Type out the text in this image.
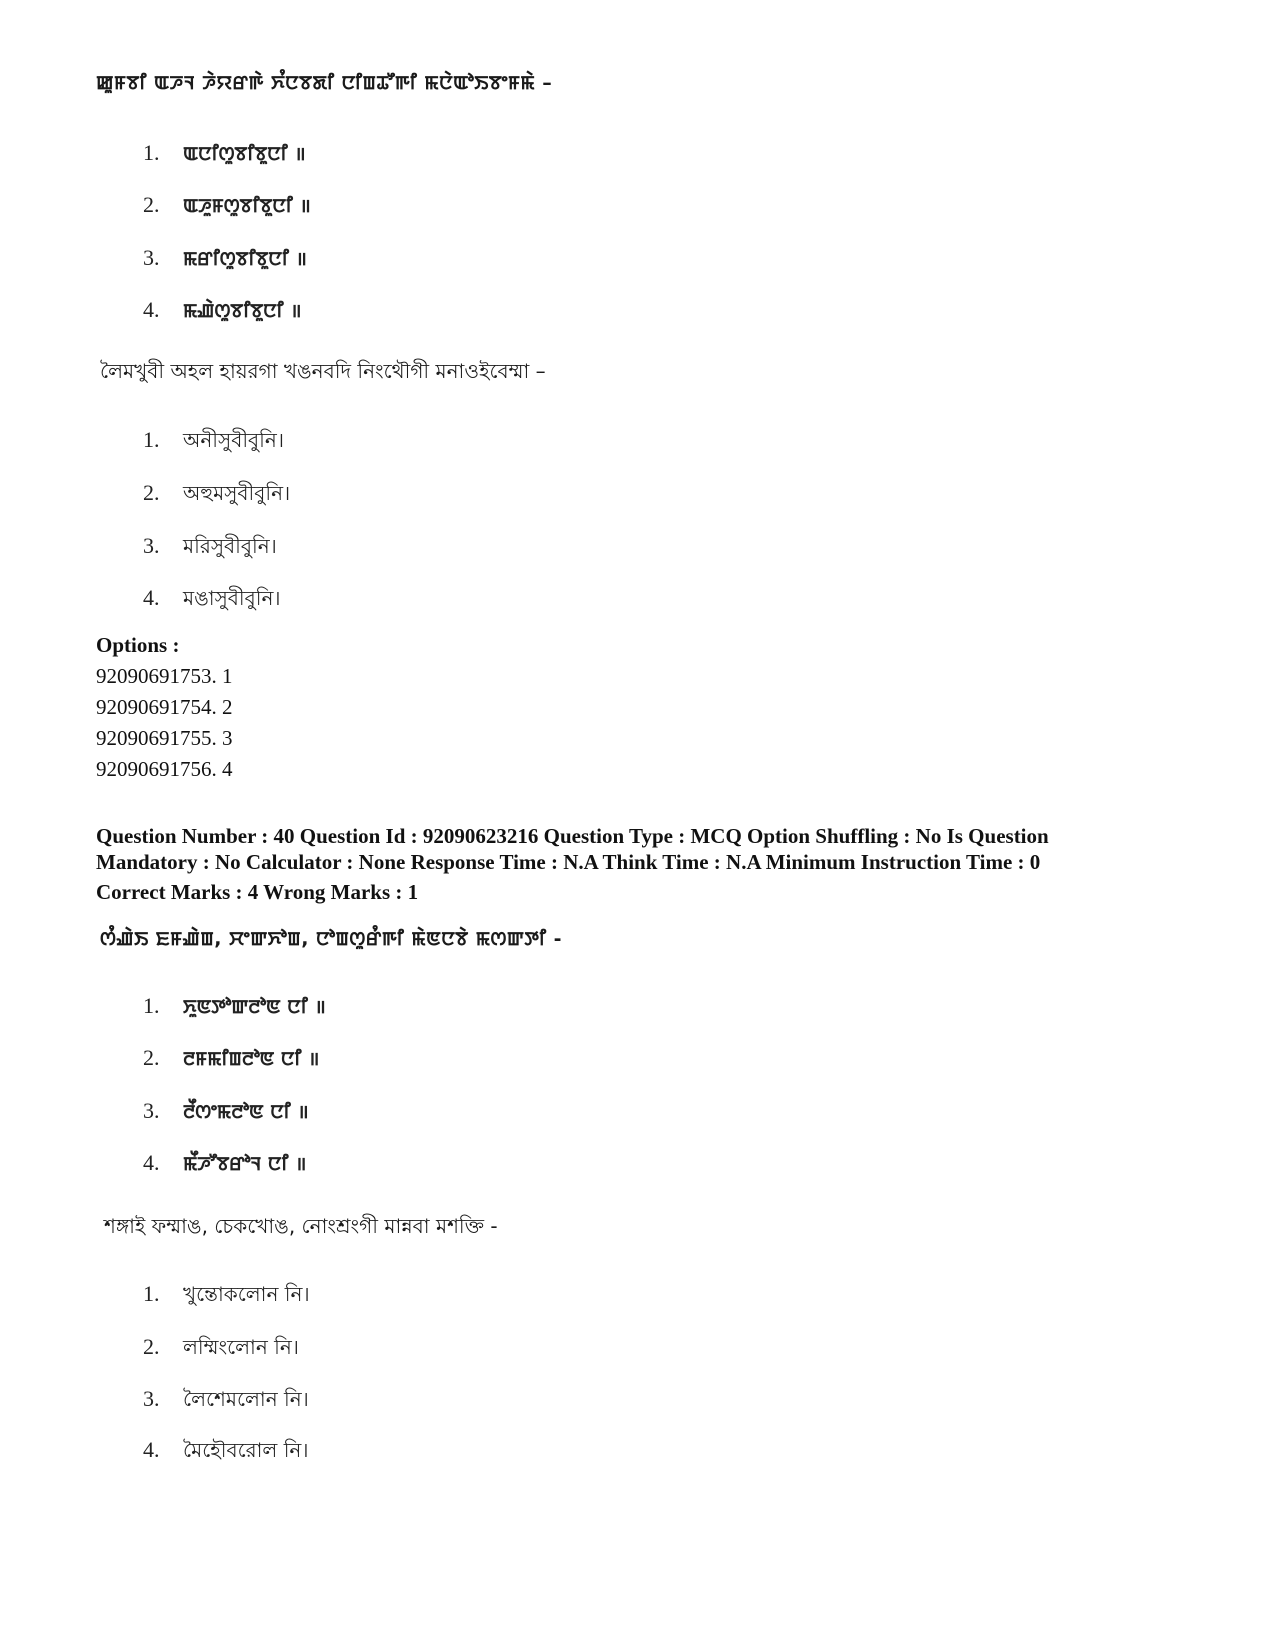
ꯀꯨꯝꯕꯤ ꯑꯍꯜ ꯍꯥꯌꯔꯒꯥ ꯈꯪꯅꯕꯗꯤ ꯅꯤꯡꯊꯧꯒꯤ ꯃꯅꯥꯑꯣꯏꯕꯦꯝꯃꯥ –
1.	ꯑꯅꯤꯁꯨꯕꯤꯕꯨꯅꯤ ॥
2.	ꯑꯍꯨꯝꯁꯨꯕꯤꯕꯨꯅꯤ ॥
3.	ꯃꯔꯤꯁꯨꯕꯤꯕꯨꯅꯤ ॥
4.	ꯃꯉꯥꯁꯨꯕꯤꯕꯨꯅꯤ ॥
লৈমখুবী অহল হায়রগা খঙনবদি নিংথৌগী মনাওইবেম্মা –
1.	অনীসুবীবুনি।
2.	অহুমসুবীবুনি।
3.	মরিসুবীবুনি।
4.	মঙাসুবীবুনি।
Options :
92090691753. 1
92090691754. 2
92090691755. 3
92090691756. 4
Question Number : 40 Question Id : 92090623216 Question Type : MCQ Option Shuffling : No Is Question
Mandatory : No Calculator : None Response Time : N.A Think Time : N.A Minimum Instruction Time : 0
Correct Marks : 4 Wrong Marks : 1
ꯁꯪꯉꯥꯏ ꯐꯝꯉꯥꯡ, ꯆꯦꯛꯈꯣꯡ, ꯅꯣꯡꯁꯨꯔꯪꯒꯤ ꯃꯥꯟꯅꯕꯥ ꯃꯁꯛꯇꯤ -
1.	ꯈꯨꯟꯇꯣꯛꯂꯣꯟ ꯅꯤ ॥
2.	ꯂꯝꯃꯤꯡꯂꯣꯟ ꯅꯤ ॥
3.	ꯂꯩꯁꯦꯃꯂꯣꯟ ꯅꯤ ॥
4.	ꯃꯩꯍꯧꯕꯔꯣꯜ ꯅꯤ ॥
শঙ্গাই ফম্মাঙ, চেকখোঙ, নোংশ্রংগী মান্নবা মশক্তি -
1.	খুন্তোকলোন নি।
2.	লম্মিংলোন নি।
3.	লৈশেমলোন নি।
4.	মৈহৌবরোল নি।
